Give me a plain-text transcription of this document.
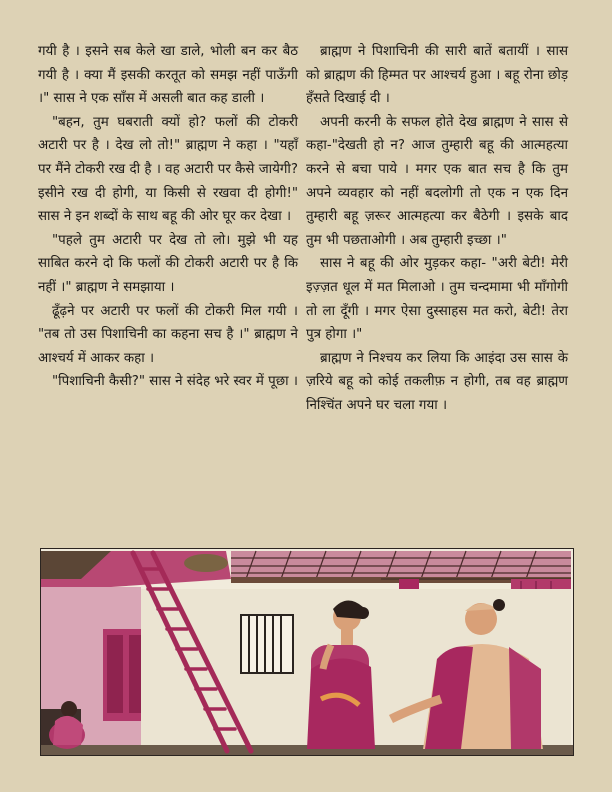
गयी है । इसने सब केले खा डाले, भोली बन कर बैठ गयी है । क्या मैं इसकी करतूत को समझ नहीं पाऊँगी ।" सास ने एक साँस में असली बात कह डाली ।

"बहन, तुम घबराती क्यों हो? फलों की टोकरी अटारी पर है । देख लो तो!" ब्राह्मण ने कहा । "यहाँ पर मैंने टोकरी रख दी है । वह अटारी पर कैसे जायेगी? इसीने रख दी होगी, या किसी से रखवा दी होगी!" सास ने इन शब्दों के साथ बहू की ओर घूर कर देखा ।

"पहले तुम अटारी पर देख तो लो। मुझे भी यह साबित करने दो कि फलों की टोकरी अटारी पर है कि नहीं ।" ब्राह्मण ने समझाया ।

ढूँढ़ने पर अटारी पर फलों की टोकरी मिल गयी । "तब तो उस पिशाचिनी का कहना सच है ।" ब्राह्मण ने आश्चर्य में आकर कहा ।

"पिशाचिनी कैसी?" सास ने संदेह भरे स्वर में पूछा ।

ब्राह्मण ने पिशाचिनी की सारी बातें बतायीं । सास को ब्राह्मण की हिम्मत पर आश्चर्य हुआ । बहू रोना छोड़ हँसते दिखाई दी ।

अपनी करनी के सफल होते देख ब्राह्मण ने सास से कहा-"देखती हो न? आज तुम्हारी बहू की आत्महत्या करने से बचा पाये । मगर एक बात सच है कि तुम अपने व्यवहार को नहीं बदलोगी तो एक न एक दिन तुम्हारी बहू ज़रूर आत्महत्या कर बैठेगी । इसके बाद तुम भी पछताओगी । अब तुम्हारी इच्छा ।"

सास ने बहू की ओर मुड़कर कहा- "अरी बेटी! मेरी इज़्ज़त धूल में मत मिलाओ । तुम चन्दमामा भी माँगोगी तो ला दूँगी । मगर ऐसा दुस्साहस मत करो, बेटी! तेरा पुत्र होगा ।"

ब्राह्मण ने निश्चय कर लिया कि आइंदा उस सास के ज़रिये बहू को कोई तकलीफ़ न होगी, तब वह ब्राह्मण निश्चिंत अपने घर चला गया ।
